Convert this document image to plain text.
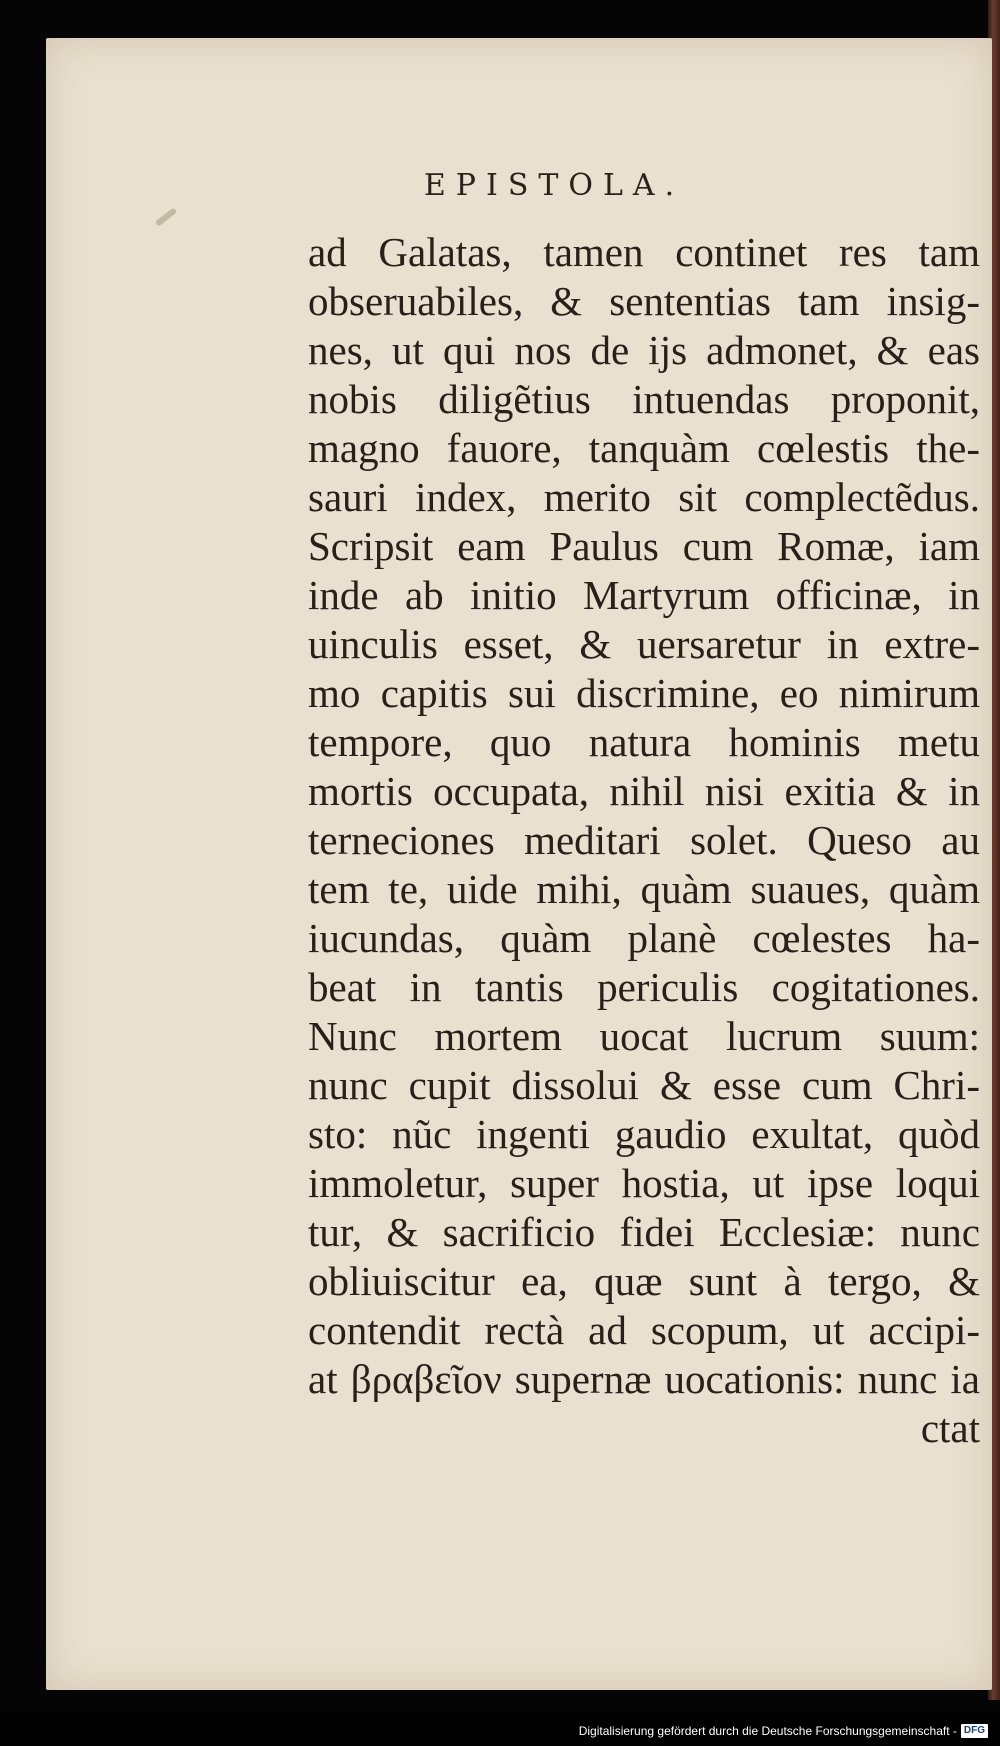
EPISTOLA.
ad Galatas, tamen continet res tam
obseruabiles, & sententias tam insig-
nes, ut qui nos de ijs admonet, & eas
nobis diligẽtius intuendas proponit,
magno fauore, tanquàm cœlestis the-
sauri index, merito sit complectẽdus.
Scripsit eam Paulus cum Romæ, iam
inde ab initio Martyrum officinæ, in
uinculis esset, & uersaretur in extre-
mo capitis sui discrimine, eo nimirum
tempore, quo natura hominis metu
mortis occupata, nihil nisi exitia & in
terneciones meditari solet. Queso au
tem te, uide mihi, quàm suaues, quàm
iucundas, quàm planè cœlestes ha-
beat in tantis periculis cogitationes.
Nunc mortem uocat lucrum suum:
nunc cupit dissolui & esse cum Chri-
sto: nũc ingenti gaudio exultat, quòd
immoletur, super hostia, ut ipse loqui
tur, & sacrificio fidei Ecclesiæ: nunc
obliuiscitur ea, quæ sunt à tergo, &
contendit rectà ad scopum, ut accipi-
at βραβεῖον supernæ uocationis: nunc ia
ctat
Digitalisierung gefördert durch die Deutsche Forschungsgemeinschaft - DFG
